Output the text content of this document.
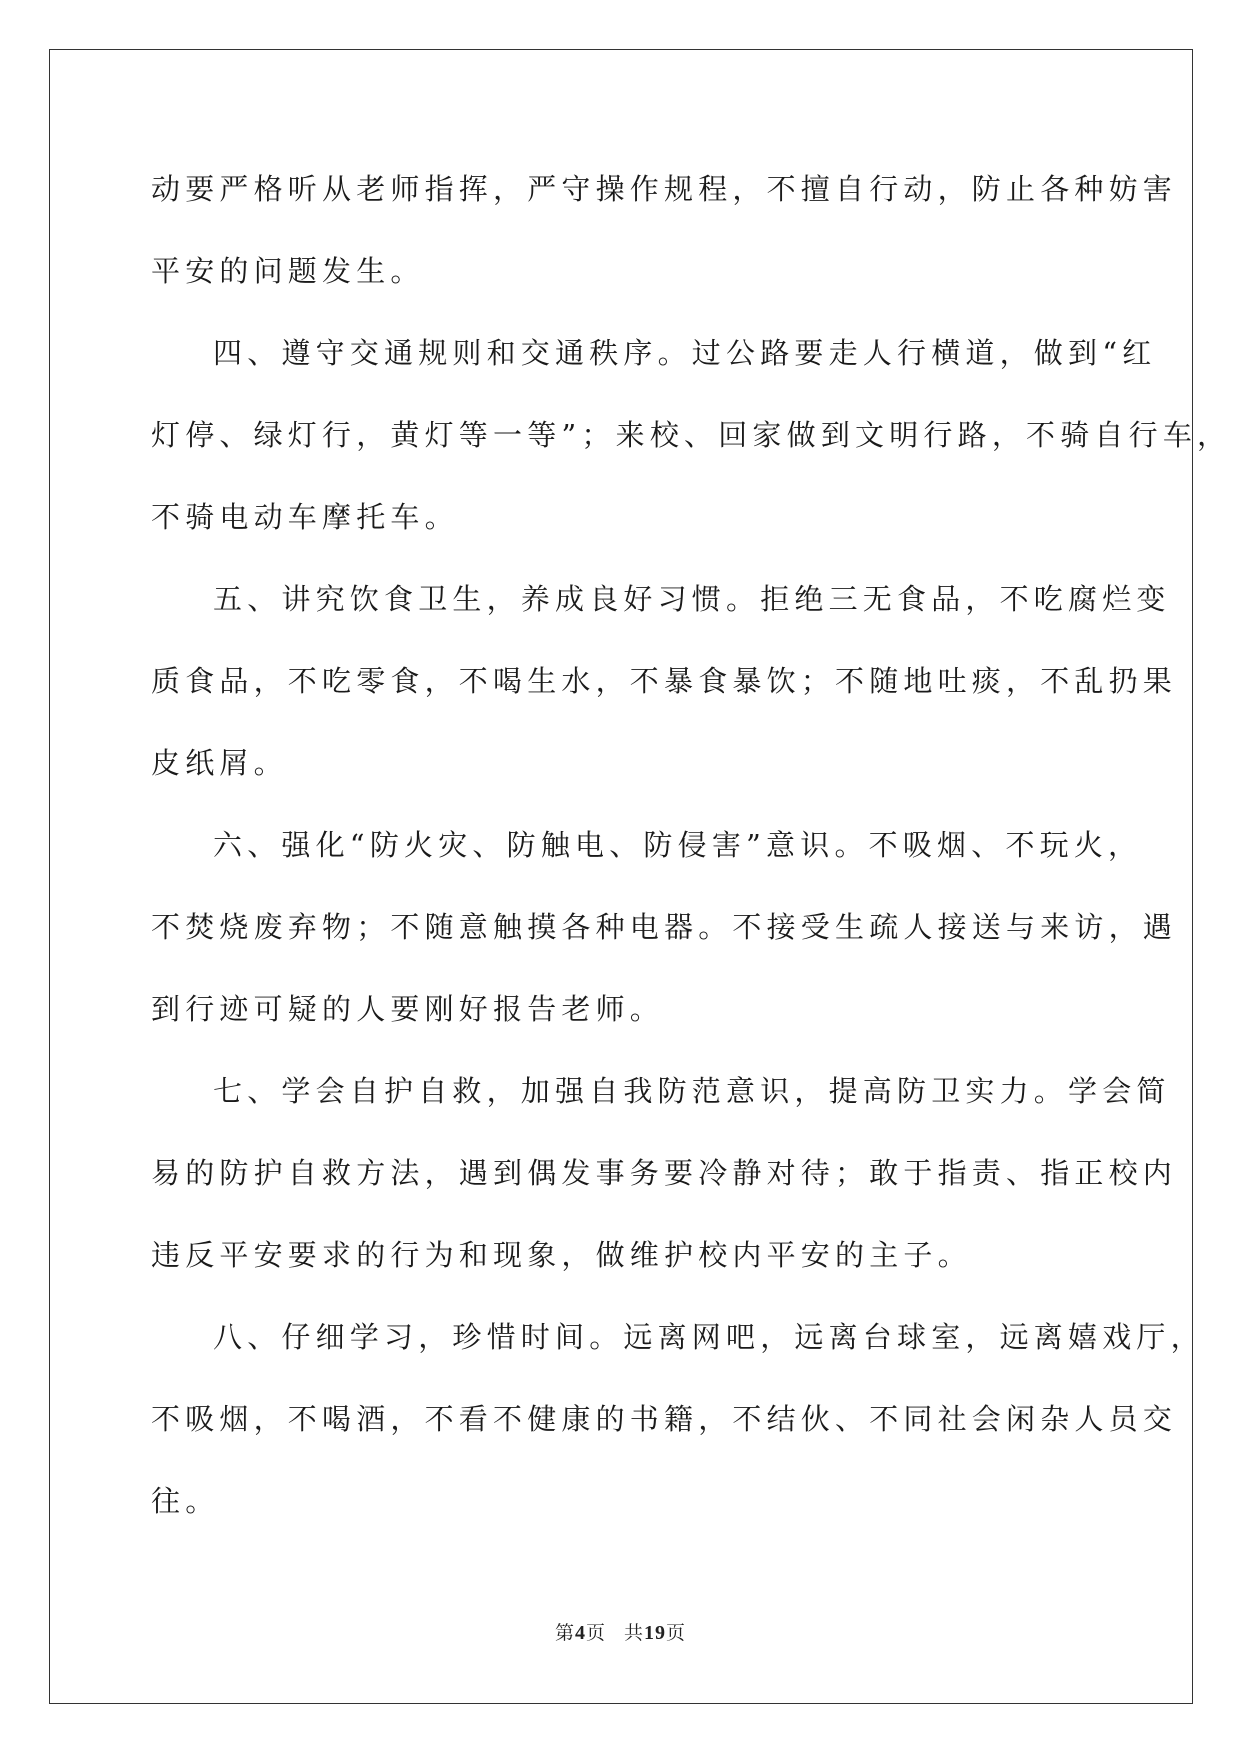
动要严格听从老师指挥，严守操作规程，不擅自行动，防止各种妨害
平安的问题发生。
四、遵守交通规则和交通秩序。过公路要走人行横道，做到“红
灯停、绿灯行，黄灯等一等”；来校、回家做到文明行路，不骑自行车，
不骑电动车摩托车。
五、讲究饮食卫生，养成良好习惯。拒绝三无食品，不吃腐烂变
质食品，不吃零食，不喝生水，不暴食暴饮；不随地吐痰，不乱扔果
皮纸屑。
六、强化“防火灾、防触电、防侵害”意识。不吸烟、不玩火，
不焚烧废弃物；不随意触摸各种电器。不接受生疏人接送与来访，遇
到行迹可疑的人要刚好报告老师。
七、学会自护自救，加强自我防范意识，提高防卫实力。学会简
易的防护自救方法，遇到偶发事务要冷静对待；敢于指责、指正校内
违反平安要求的行为和现象，做维护校内平安的主子。
八、仔细学习，珍惜时间。远离网吧，远离台球室，远离嬉戏厅，
不吸烟，不喝酒，不看不健康的书籍，不结伙、不同社会闲杂人员交
往。
第4页 共19页
